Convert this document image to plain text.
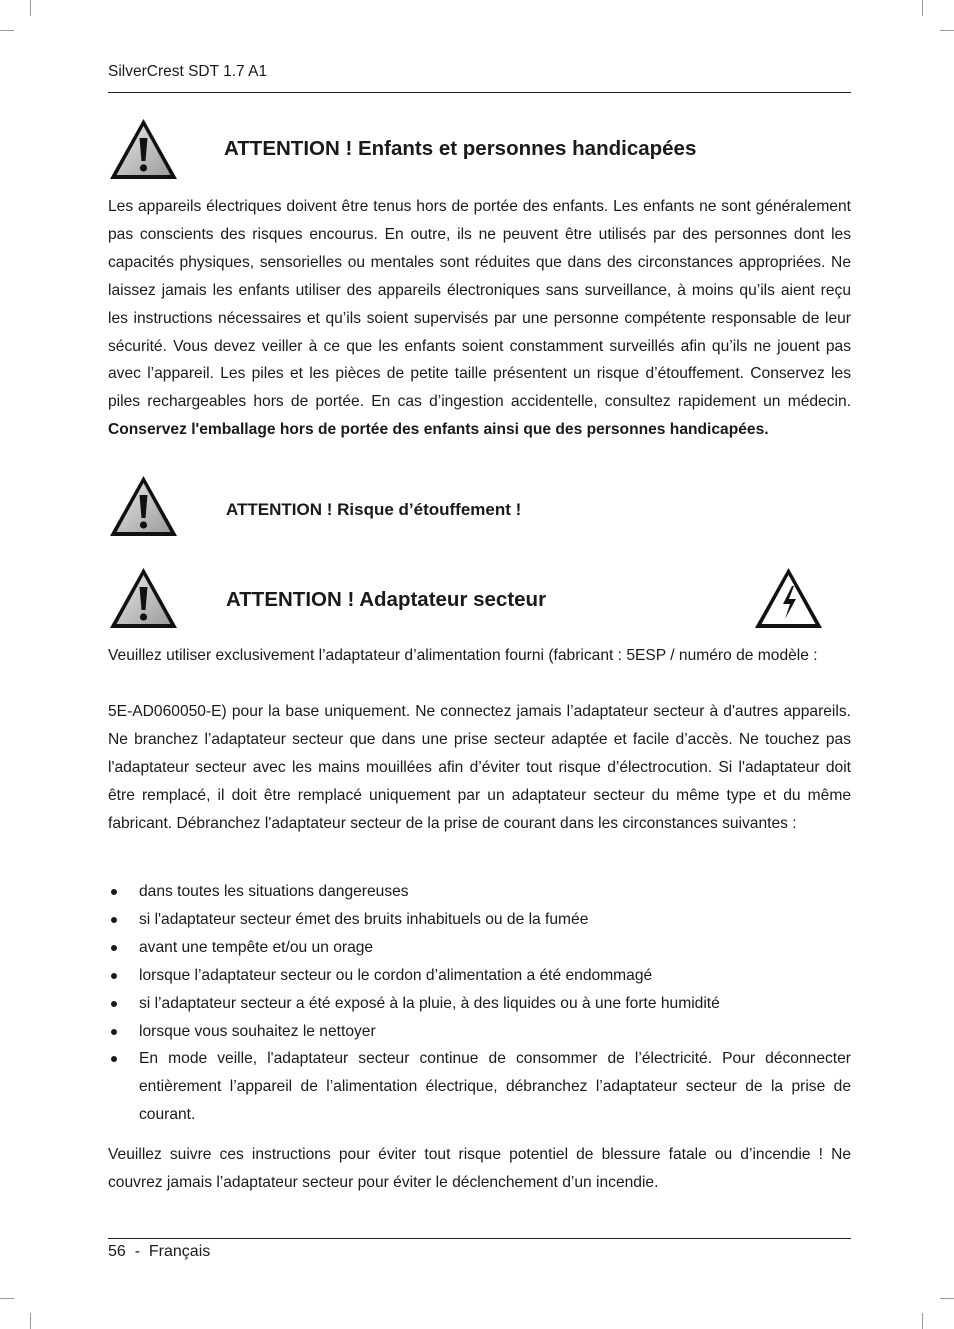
SilverCrest SDT 1.7 A1
ATTENTION ! Enfants et personnes handicapées

Les appareils électriques doivent être tenus hors de portée des enfants. Les enfants ne sont généralement pas conscients des risques encourus. En outre, ils ne peuvent être utilisés par des personnes dont les capacités physiques, sensorielles ou mentales sont réduites que dans des circonstances appropriées. Ne laissez jamais les enfants utiliser des appareils électroniques sans surveillance, à moins qu’ils aient reçu les instructions nécessaires et qu’ils soient supervisés par une personne compétente responsable de leur sécurité. Vous devez veiller à ce que les enfants soient constamment surveillés afin qu’ils ne jouent pas avec l’appareil. Les piles et les pièces de petite taille présentent un risque d’étouffement. Conservez les piles rechargeables hors de portée. En cas d’ingestion accidentelle, consultez rapidement un médecin. Conservez l'emballage hors de portée des enfants ainsi que des personnes handicapées.

ATTENTION ! Risque d’étouffement !
ATTENTION ! Adaptateur secteur

Veuillez utiliser exclusivement l’adaptateur d’alimentation fourni (fabricant : 5ESP / numéro de modèle :

5E-AD060050-E) pour la base uniquement. Ne connectez jamais l’adaptateur secteur à d'autres appareils. Ne branchez l’adaptateur secteur que dans une prise secteur adaptée et facile d’accès. Ne touchez pas l'adaptateur secteur avec les mains mouillées afin d’éviter tout risque d’électrocution. Si l'adaptateur doit être remplacé, il doit être remplacé uniquement par un adaptateur secteur du même type et du même fabricant. Débranchez l'adaptateur secteur de la prise de courant dans les circonstances suivantes :

dans toutes les situations dangereuses
si l'adaptateur secteur émet des bruits inhabituels ou de la fumée
avant une tempête et/ou un orage
lorsque l’adaptateur secteur ou le cordon d’alimentation a été endommagé
si l’adaptateur secteur a été exposé à la pluie, à des liquides ou à une forte humidité
lorsque vous souhaitez le nettoyer
En mode veille, l'adaptateur secteur continue de consommer de l’électricité. Pour déconnecter entièrement l’appareil de l’alimentation électrique, débranchez l’adaptateur secteur de la prise de courant.

Veuillez suivre ces instructions pour éviter tout risque potentiel de blessure fatale ou d’incendie ! Ne couvrez jamais l’adaptateur secteur pour éviter le déclenchement d’un incendie.

56  -  Français
